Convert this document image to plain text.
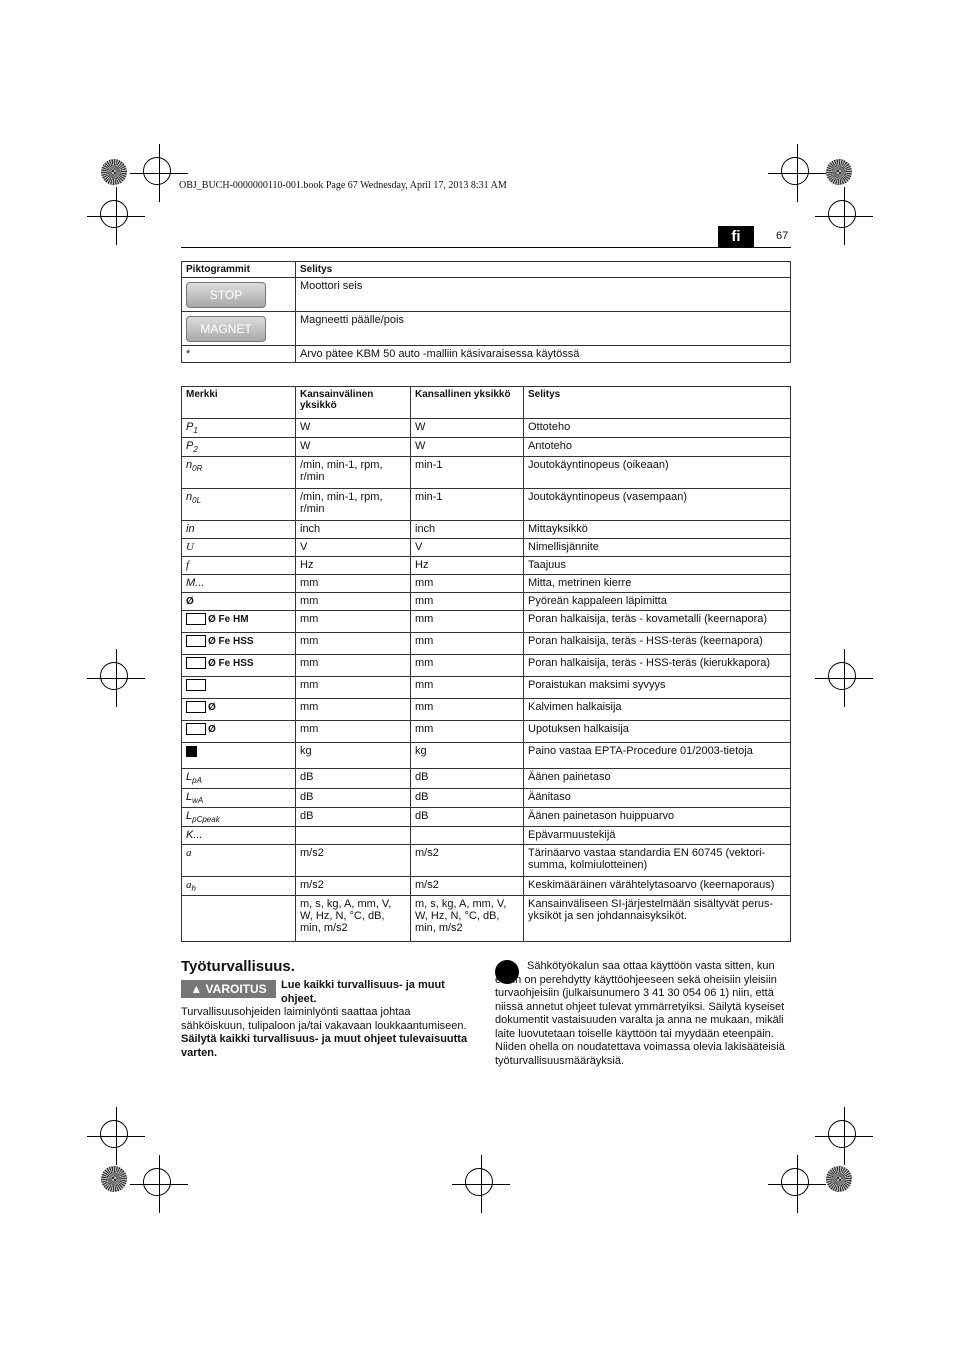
OBJ_BUCH-0000000110-001.book Page 67 Wednesday, April 17, 2013 8:31 AM
fi	67
Piktogrammit	Selitys
STOP	Moottori seis
MAGNET	Magneetti päälle/pois
*	Arvo pätee KBM 50 auto -malliin käsivaraisessa käytössä
Merkki	Kansainvälinen yksikkö	Kansallinen yksikkö	Selitys
$P_1$	W	W	Ottoteho
$P_2$	W	W	Antoteho
$n_{0R}$	/min, min-1, rpm, r/min	min-1	Joutokäyntinopeus (oikeaan)
$n_{0L}$	/min, min-1, rpm, r/min	min-1	Joutokäyntinopeus (vasempaan)
in	inch	inch	Mittayksikkö
U	V	V	Nimellisjännite
f	Hz	Hz	Taajuus
M...	mm	mm	Mitta, metrinen kierre
Ø	mm	mm	Pyöreän kappaleen läpimitta
Ø Fe HM	mm	mm	Poran halkaisija, teräs - kovametalli (keernapora)
Ø Fe HSS	mm	mm	Poran halkaisija, teräs - HSS-teräs (keernapora)
Ø Fe HSS	mm	mm	Poran halkaisija, teräs - HSS-teräs (kierukkapora)
	mm	mm	Poraistukan maksimi syvyys
Ø	mm	mm	Kalvimen halkaisija
Ø	mm	mm	Upotuksen halkaisija
	kg	kg	Paino vastaa EPTA-Procedure 01/2003-tietoja
$L_{pA}$	dB	dB	Äänen painetaso
$L_{wA}$	dB	dB	Äänitaso
$L_{pCpeak}$	dB	dB	Äänen painetason huippuarvo
K...			Epävarmuustekijä
a	m/s2	m/s2	Tärinäarvo vastaa standardia EN 60745 (vektori-summa, kolmiulotteinen)
$a_h$	m/s2	m/s2	Keskimääräinen värähtelytasoarvo (keernaporaus)
	m, s, kg, A, mm, V, W, Hz, N, °C, dB, min, m/s2	m, s, kg, A, mm, V, W, Hz, N, °C, dB, min, m/s2	Kansainväliseen SI-järjestelmään sisältyvät perus-yksiköt ja sen johdannaisyksiköt.
Työturvallisuus.
▲ VAROITUS	Lue kaikki turvallisuus- ja muut ohjeet.
Turvallisuusohjeiden laiminlyönti saattaa johtaa sähköiskuun, tulipaloon ja/tai vakavaan loukkaantumiseen.
Säilytä kaikki turvallisuus- ja muut ohjeet tulevaisuutta varten.
Sähkötyökalun saa ottaa käyttöön vasta sitten, kun ensin on perehdytty käyttöohjeeseen sekä oheisiin yleisiin turvaohjeisiin (julkaisunumero 3 41 30 054 06 1) niin, että niissä annetut ohjeet tulevat ymmärretyiksi. Säilytä kyseiset dokumentit vastaisuuden varalta ja anna ne mukaan, mikäli laite luovutetaan toiselle käyttöön tai myydään eteenpäin.
Niiden ohella on noudatettava voimassa olevia lakisääteisiä työturvallisuusmääräyksiä.
